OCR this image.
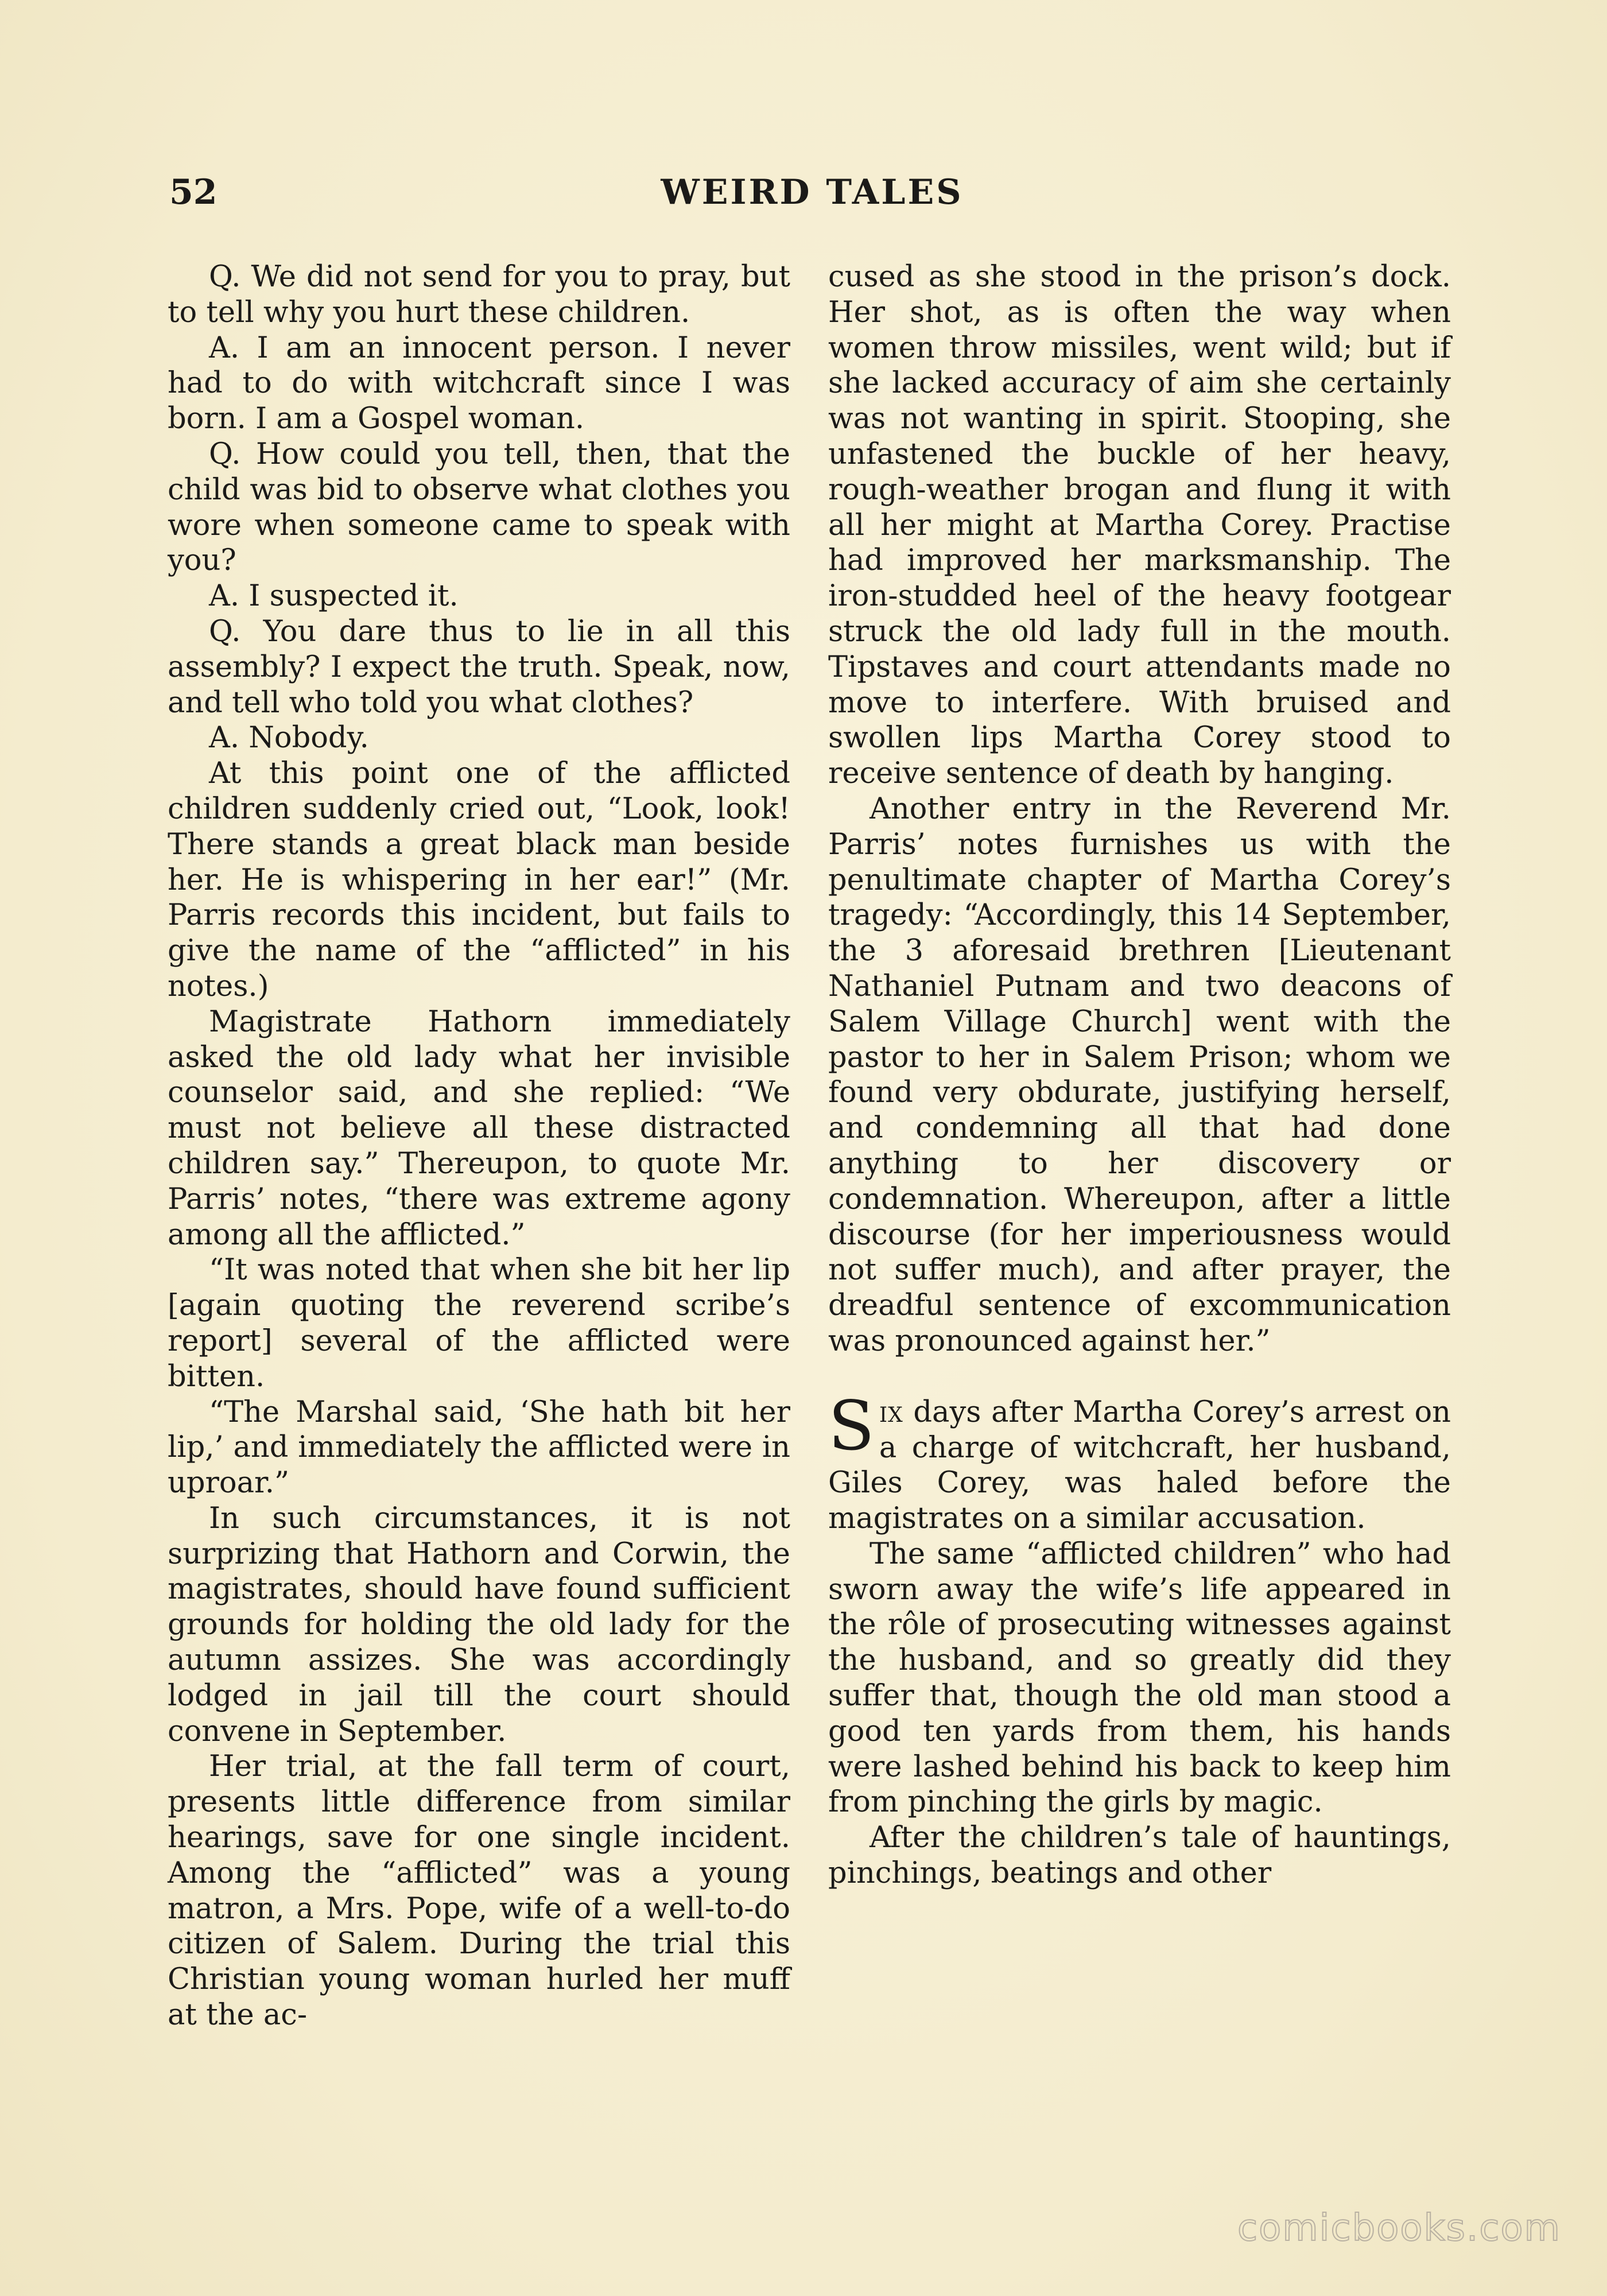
52	WEIRD TALES

Q. We did not send for you to pray, but to tell why you hurt these children.

A. I am an innocent person. I never had to do with witchcraft since I was born. I am a Gospel woman.

Q. How could you tell, then, that the child was bid to observe what clothes you wore when someone came to speak with you?

A. I suspected it.

Q. You dare thus to lie in all this assembly? I expect the truth. Speak, now, and tell who told you what clothes?

A. Nobody.

At this point one of the afflicted children suddenly cried out, “Look, look! There stands a great black man beside her. He is whispering in her ear!” (Mr. Parris records this incident, but fails to give the name of the “afflicted” in his notes.)

Magistrate Hathorn immediately asked the old lady what her invisible counselor said, and she replied: “We must not believe all these distracted children say.” Thereupon, to quote Mr. Parris’ notes, “there was extreme agony among all the afflicted.”

“It was noted that when she bit her lip [again quoting the reverend scribe’s report] several of the afflicted were bitten.

“The Marshal said, ‘She hath bit her lip,’ and immediately the afflicted were in uproar.”

In such circumstances, it is not surprizing that Hathorn and Corwin, the magistrates, should have found sufficient grounds for holding the old lady for the autumn assizes. She was accordingly lodged in jail till the court should convene in September.

Her trial, at the fall term of court, presents little difference from similar hearings, save for one single incident. Among the “afflicted” was a young matron, a Mrs. Pope, wife of a well-to-do citizen of Salem. During the trial this Christian young woman hurled her muff at the ac-

cused as she stood in the prison’s dock. Her shot, as is often the way when women throw missiles, went wild; but if she lacked accuracy of aim she certainly was not wanting in spirit. Stooping, she unfastened the buckle of her heavy, rough-weather brogan and flung it with all her might at Martha Corey. Practise had improved her marksmanship. The iron-studded heel of the heavy footgear struck the old lady full in the mouth. Tipstaves and court attendants made no move to interfere. With bruised and swollen lips Martha Corey stood to receive sentence of death by hanging.

Another entry in the Reverend Mr. Parris’ notes furnishes us with the penultimate chapter of Martha Corey’s tragedy: “Accordingly, this 14 September, the 3 aforesaid brethren [Lieutenant Nathaniel Putnam and two deacons of Salem Village Church] went with the pastor to her in Salem Prison; whom we found very obdurate, justifying herself, and condemning all that had done anything to her discovery or condemnation. Whereupon, after a little discourse (for her imperiousness would not suffer much), and after prayer, the dreadful sentence of excommunication was pronounced against her.”

Six days after Martha Corey’s arrest on a charge of witchcraft, her husband, Giles Corey, was haled before the magistrates on a similar accusation.

The same “afflicted children” who had sworn away the wife’s life appeared in the rôle of prosecuting witnesses against the husband, and so greatly did they suffer that, though the old man stood a good ten yards from them, his hands were lashed behind his back to keep him from pinching the girls by magic.

After the children’s tale of hauntings, pinchings, beatings and other

comicbooks.com
